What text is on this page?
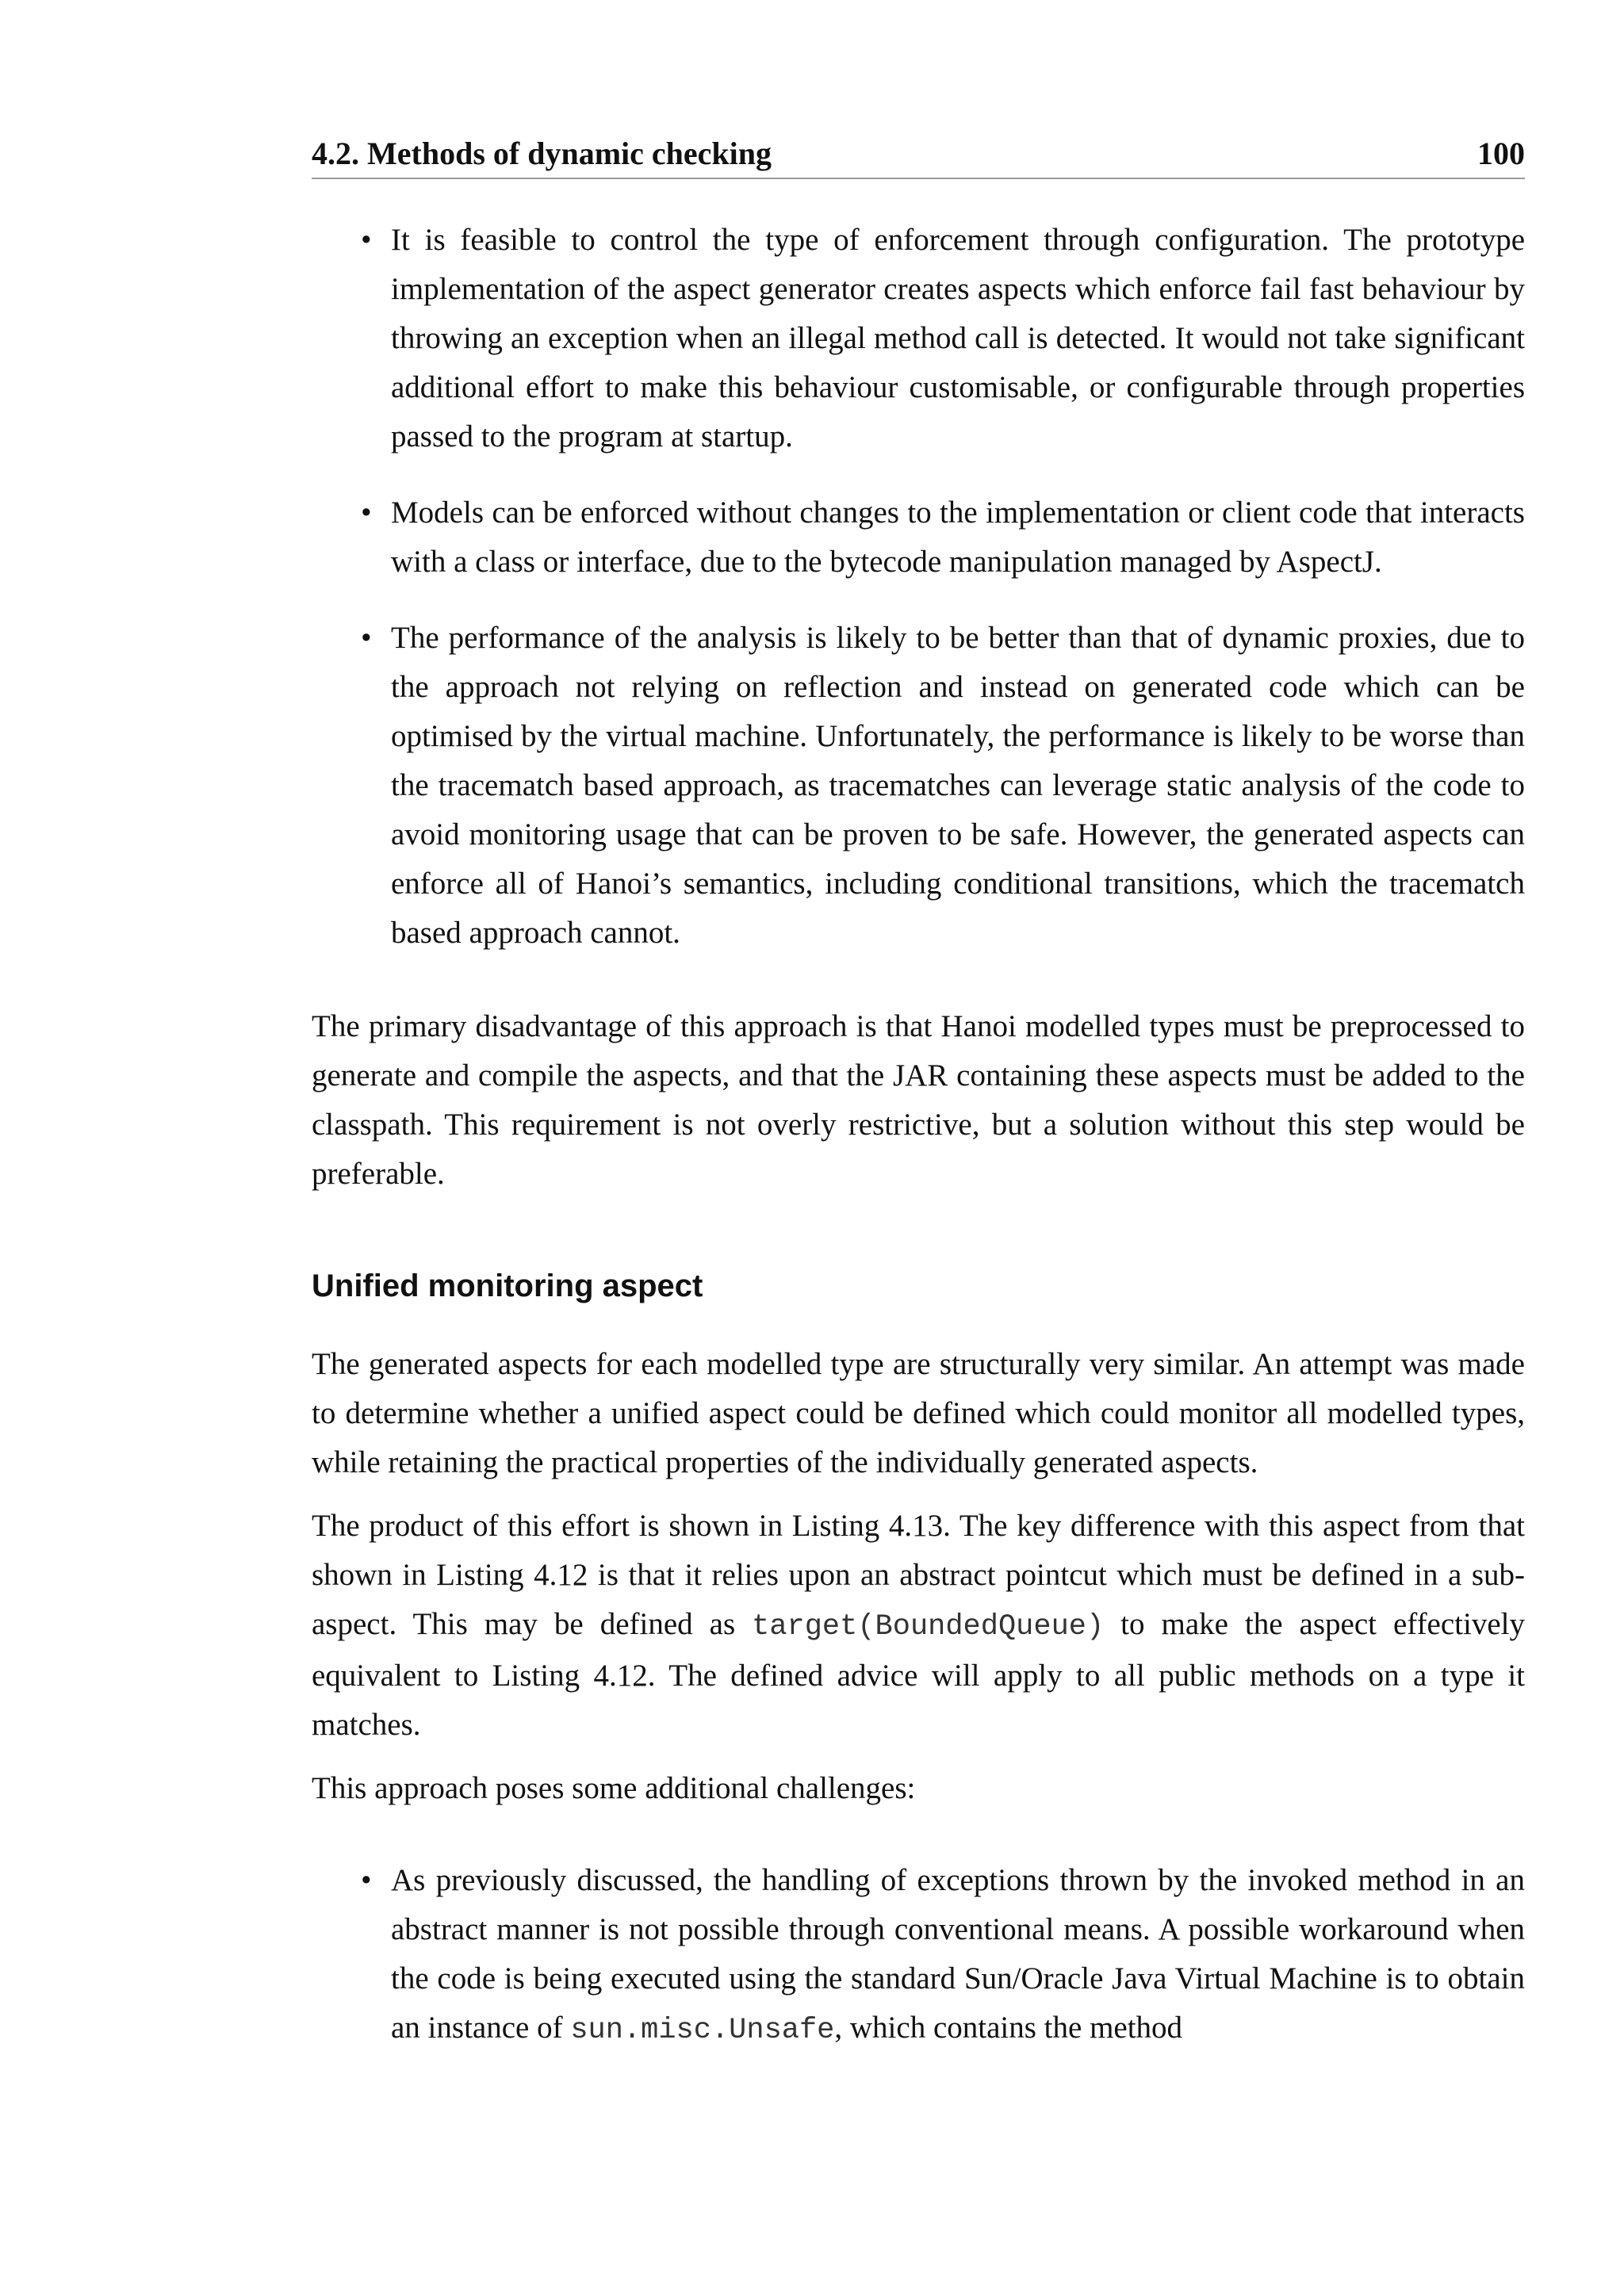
4.2. Methods of dynamic checking	100
• It is feasible to control the type of enforcement through configuration. The prototype implementation of the aspect generator creates aspects which enforce fail fast behaviour by throwing an exception when an illegal method call is detected. It would not take significant additional effort to make this behaviour customisable, or configurable through properties passed to the program at startup.
• Models can be enforced without changes to the implementation or client code that interacts with a class or interface, due to the bytecode manipulation managed by AspectJ.
• The performance of the analysis is likely to be better than that of dynamic proxies, due to the approach not relying on reflection and instead on generated code which can be optimised by the virtual machine. Unfortunately, the performance is likely to be worse than the tracematch based approach, as tracematches can leverage static analysis of the code to avoid monitoring usage that can be proven to be safe. However, the generated aspects can enforce all of Hanoi’s semantics, including conditional transitions, which the tracematch based approach cannot.

The primary disadvantage of this approach is that Hanoi modelled types must be preprocessed to generate and compile the aspects, and that the JAR containing these aspects must be added to the classpath. This requirement is not overly restrictive, but a solution without this step would be preferable.

Unified monitoring aspect

The generated aspects for each modelled type are structurally very similar. An attempt was made to determine whether a unified aspect could be defined which could monitor all modelled types, while retaining the practical properties of the individually generated aspects.

The product of this effort is shown in Listing 4.13. The key difference with this aspect from that shown in Listing 4.12 is that it relies upon an abstract pointcut which must be defined in a sub-aspect. This may be defined as target(BoundedQueue) to make the aspect effectively equivalent to Listing 4.12. The defined advice will apply to all public methods on a type it matches.

This approach poses some additional challenges:

• As previously discussed, the handling of exceptions thrown by the invoked method in an abstract manner is not possible through conventional means. A possible workaround when the code is being executed using the standard Sun/Oracle Java Virtual Machine is to obtain an instance of sun.misc.Unsafe, which contains the method
